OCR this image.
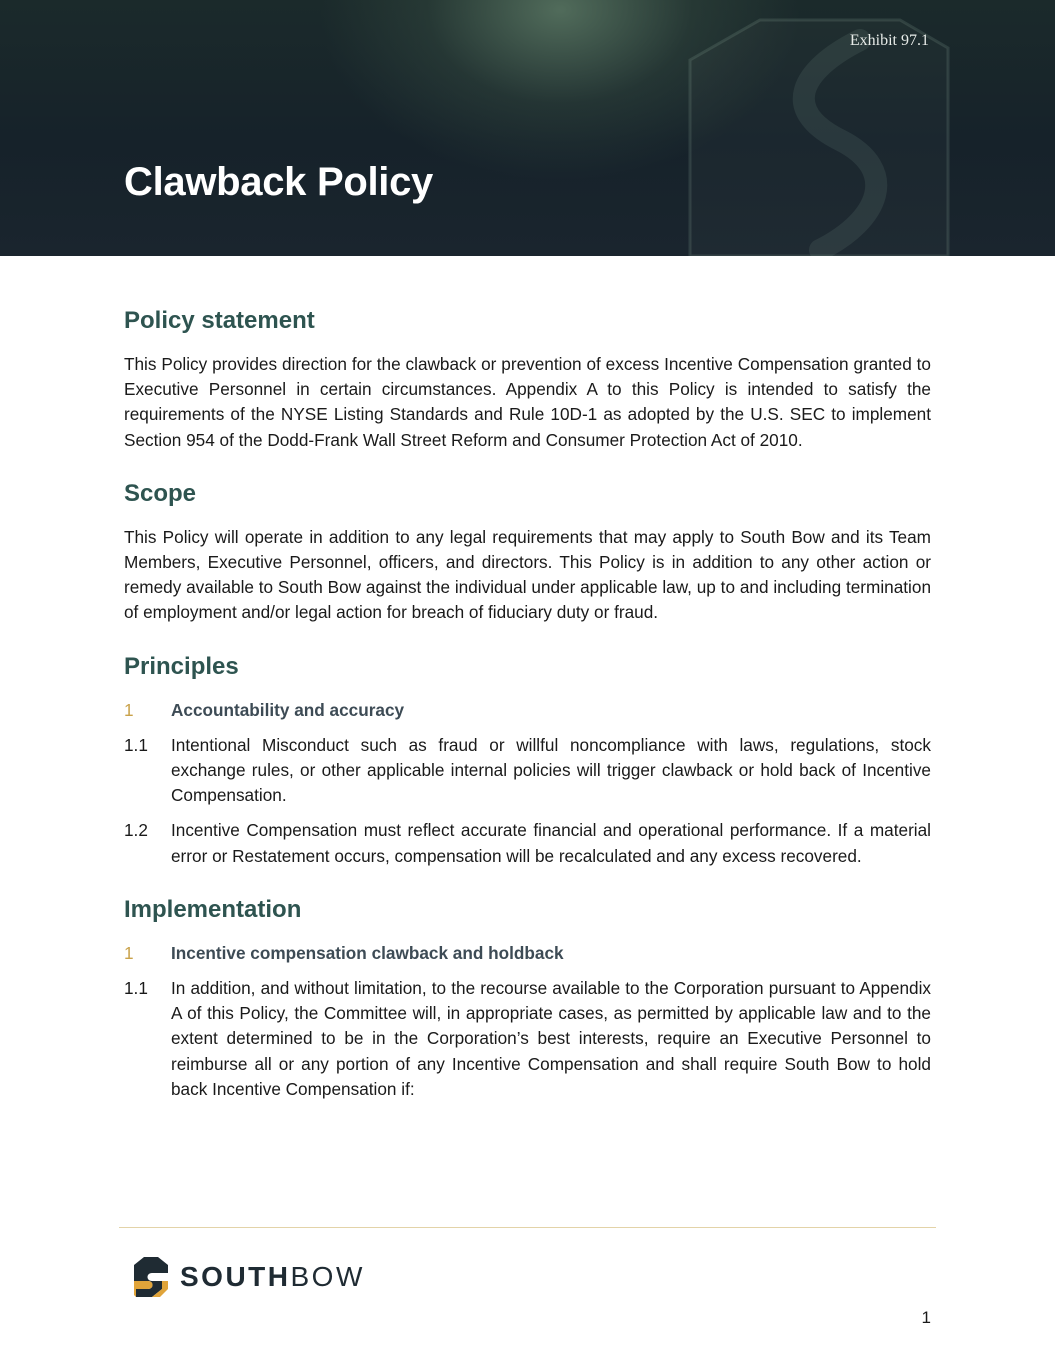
Exhibit 97.1
Clawback Policy
Policy statement

This Policy provides direction for the clawback or prevention of excess Incentive Compensation granted to Executive Personnel in certain circumstances. Appendix A to this Policy is intended to satisfy the requirements of the NYSE Listing Standards and Rule 10D-1 as adopted by the U.S. SEC to implement Section 954 of the Dodd-Frank Wall Street Reform and Consumer Protection Act of 2010.

Scope

This Policy will operate in addition to any legal requirements that may apply to South Bow and its Team Members, Executive Personnel, officers, and directors. This Policy is in addition to any other action or remedy available to South Bow against the individual under applicable law, up to and including termination of employment and/or legal action for breach of fiduciary duty or fraud.

Principles
1	Accountability and accuracy
1.1	Intentional Misconduct such as fraud or willful noncompliance with laws, regulations, stock exchange rules, or other applicable internal policies will trigger clawback or hold back of Incentive Compensation.
1.2	Incentive Compensation must reflect accurate financial and operational performance. If a material error or Restatement occurs, compensation will be recalculated and any excess recovered.
Implementation
1	Incentive compensation clawback and holdback
1.1	In addition, and without limitation, to the recourse available to the Corporation pursuant to Appendix A of this Policy, the Committee will, in appropriate cases, as permitted by applicable law and to the extent determined to be in the Corporation’s best interests, require an Executive Personnel to reimburse all or any portion of any Incentive Compensation and shall require South Bow to hold back Incentive Compensation if:
SOUTHBOW
1
